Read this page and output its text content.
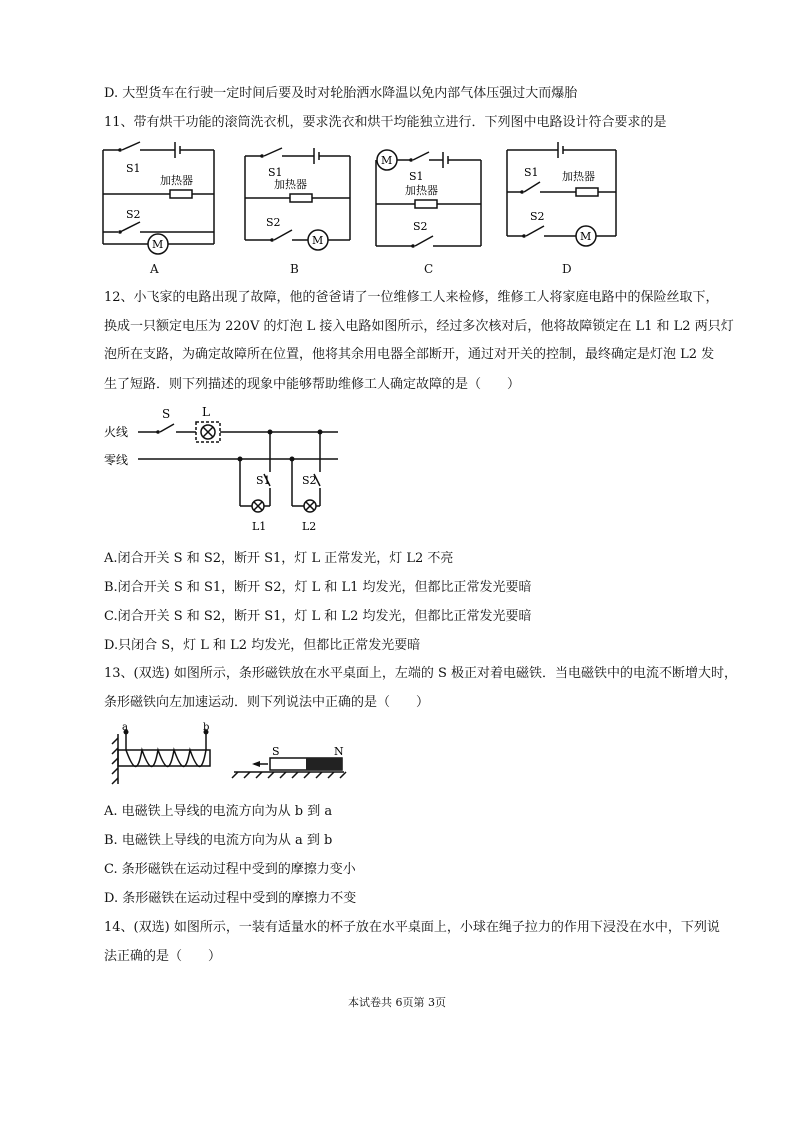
D. 大型货车在行驶一定时间后要及时对轮胎洒水降温以免内部气体压强过大而爆胎
11、带有烘干功能的滚筒洗衣机，要求洗衣和烘干均能独立进行．下列图中电路设计符合要求的是
M
S1
S2
加热器
A
M
S1
S2
加热器
B
M
S1
S2
加热器
C
M
S1
S2
加热器
D
12、小飞家的电路出现了故障，他的爸爸请了一位维修工人来检修，维修工人将家庭电路中的保险丝取下，
换成一只额定电压为 220V 的灯泡 L 接入电路如图所示，经过多次核对后，他将故障锁定在 L1 和 L2 两只灯
泡所在支路，为确定故障所在位置，他将其余用电器全部断开，通过对开关的控制，最终确定是灯泡 L2 发
生了短路．则下列描述的现象中能够帮助维修工人确定故障的是（　　）
火线
零线
S	L
S1	S2
L1	L2
A.闭合开关 S 和 S2，断开 S1，灯 L 正常发光，灯 L2 不亮
B.闭合开关 S 和 S1，断开 S2，灯 L 和 L1 均发光，但都比正常发光要暗
C.闭合开关 S 和 S2，断开 S1，灯 L 和 L2 均发光，但都比正常发光要暗
D.只闭合 S，灯 L 和 L2 均发光，但都比正常发光要暗
13、(双选) 如图所示，条形磁铁放在水平桌面上，左端的 S 极正对着电磁铁．当电磁铁中的电流不断增大时，
条形磁铁向左加速运动．则下列说法中正确的是（　　）
a	b
S	N
A. 电磁铁上导线的电流方向为从 b 到 a
B. 电磁铁上导线的电流方向为从 a 到 b
C. 条形磁铁在运动过程中受到的摩擦力变小
D. 条形磁铁在运动过程中受到的摩擦力不变
14、(双选) 如图所示，一装有适量水的杯子放在水平桌面上，小球在绳子拉力的作用下浸没在水中，下列说
法正确的是（　　）
本试卷共 6页第 3页
